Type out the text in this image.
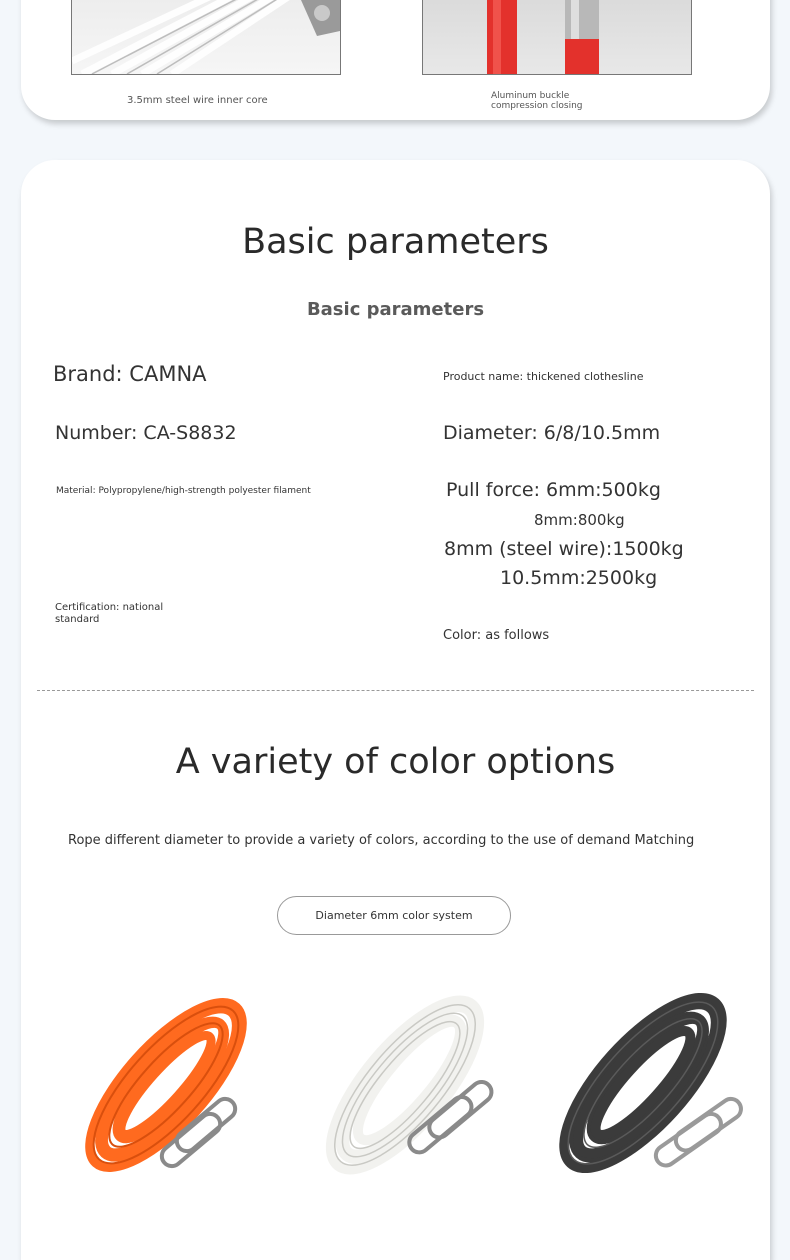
3.5mm steel wire inner core	Aluminum buckle
compression closing
Basic parameters
Basic parameters
Brand: CAMNA
Number: CA-S8832
Material: Polypropylene/high-strength polyester filament
Certification: national
standard
Product name: thickened clothesline
Diameter: 6/8/10.5mm
Pull force: 6mm:500kg
8mm:800kg
8mm (steel wire):1500kg
10.5mm:2500kg
Color: as follows
A variety of color options
Rope different diameter to provide a variety of colors, according to the use of demand Matching
Diameter 6mm color system
